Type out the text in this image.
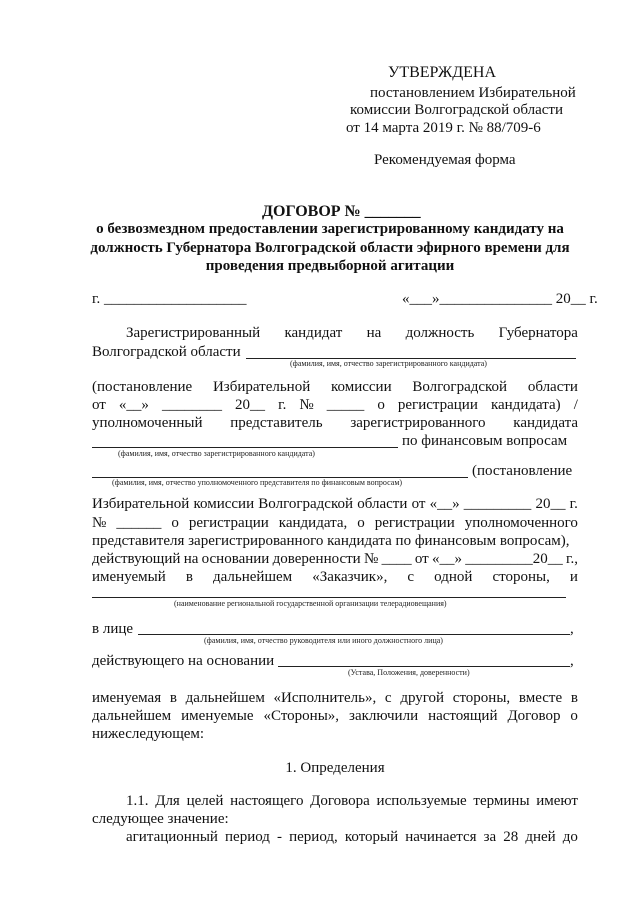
УТВЕРЖДЕНА
постановлением Избирательной
комиссии Волгоградской области
от 14 марта 2019 г. № 88/709-6
Рекомендуемая форма
ДОГОВОР № _______
о безвозмездном предоставлении зарегистрированному кандидату на
должность Губернатора Волгоградской области эфирного времени для
проведения предвыборной агитации
г. ___________________	«___»_______________ 20__ г.
Зарегистрированный кандидат на должность Губернатора
Волгоградской области
(фамилия, имя, отчество зарегистрированного кандидата)
(постановление Избирательной комиссии Волгоградской области
от «__» ________ 20__ г. № _____ о регистрации кандидата) /
уполномоченный представитель зарегистрированного кандидата
по финансовым вопросам
(фамилия, имя, отчество зарегистрированного кандидата)
(постановление
(фамилия, имя, отчество уполномоченного представителя по финансовым вопросам)
Избирательной комиссии Волгоградской области от «__» _________ 20__ г.
№ ______ о регистрации кандидата, о регистрации уполномоченного
представителя зарегистрированного кандидата по финансовым вопросам),
действующий на основании доверенности № ____ от «__» _________20__ г.,
именуемый в дальнейшем «Заказчик», с одной стороны, и
(наименование региональной государственной организации телерадиовещания)
в лице	,
(фамилия, имя, отчество руководителя или иного должностного лица)
действующего на основании	,
(Устава, Положения, доверенности)
именуемая в дальнейшем «Исполнитель», с другой стороны, вместе в
дальнейшем именуемые «Стороны», заключили настоящий Договор о
нижеследующем:
1. Определения
1.1. Для целей настоящего Договора используемые термины имеют
следующее значение:
агитационный период - период, который начинается за 28 дней до
